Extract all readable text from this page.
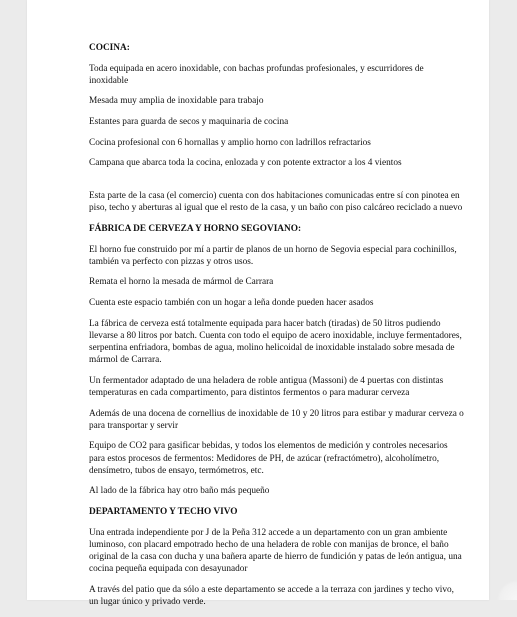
COCINA:

Toda equipada en acero inoxidable, con bachas profundas profesionales, y escurridores de inoxidable

Mesada muy amplia de inoxidable para trabajo

Estantes para guarda de secos y maquinaria de cocina

Cocina profesional con 6 hornallas y amplio horno con ladrillos refractarios

Campana que abarca toda la cocina, enlozada y con potente extractor a los 4 vientos

Esta parte de la casa (el comercio) cuenta con dos habitaciones comunicadas entre sí con pinotea en piso, techo y aberturas al igual que el resto de la casa, y un baño con piso calcáreo reciclado a nuevo

FÁBRICA DE CERVEZA Y HORNO SEGOVIANO:

El horno fue construido por mí a partir de planos de un horno de Segovia especial para cochinillos, también va perfecto con pizzas y otros usos.

Remata el horno la mesada de mármol de Carrara

Cuenta este espacio también con un hogar a leña donde pueden hacer asados

La fábrica de cerveza está totalmente equipada para hacer batch (tiradas) de 50 litros pudiendo llevarse a 80 litros por batch. Cuenta con todo el equipo de acero inoxidable, incluye fermentadores, serpentina enfriadora, bombas de agua, molino helicoidal de inoxidable instalado sobre mesada de mármol de Carrara.

Un fermentador adaptado de una heladera de roble antigua (Massoni) de 4 puertas con distintas temperaturas en cada compartimento, para distintos fermentos o para madurar cerveza

Además de una docena de cornellius de inoxidable de 10 y 20 litros para estibar y madurar cerveza o para transportar y servir

Equipo de CO2 para gasificar bebidas, y todos los elementos de medición y controles necesarios para estos procesos de fermentos: Medidores de PH, de azúcar (refractómetro), alcoholímetro, densímetro, tubos de ensayo, termómetros, etc.

Al lado de la fábrica hay otro baño más pequeño

DEPARTAMENTO Y TECHO VIVO

Una entrada independiente por J de la Peña 312 accede a un departamento con un gran ambiente luminoso, con placard empotrado hecho de una heladera de roble con manijas de bronce, el baño original de la casa con ducha y una bañera aparte de hierro de fundición y patas de león antigua, una cocina pequeña equipada con desayunador

A través del patio que da sólo a este departamento se accede a la terraza con jardines y techo vivo, un lugar único y privado verde.
